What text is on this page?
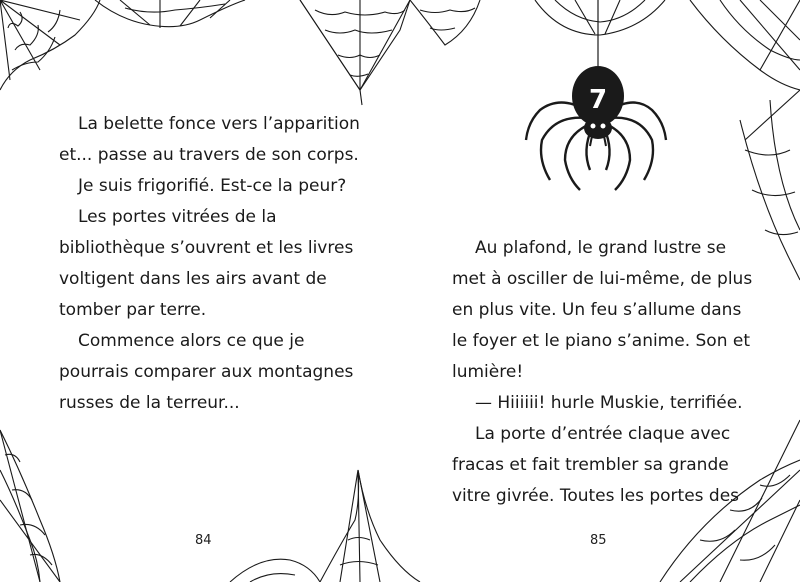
7

La belette fonce vers l’apparition

et... passe au travers de son corps.

Je suis frigorifié. Est-ce la peur?

Les portes vitrées de la

bibliothèque s’ouvrent et les livres

voltigent dans les airs avant de

tomber par terre.

Commence alors ce que je

pourrais comparer aux montagnes

russes de la terreur...

84

Au plafond, le grand lustre se

met à osciller de lui-même, de plus

en plus vite. Un feu s’allume dans

le foyer et le piano s’anime. Son et

lumière!

— Hiiiiii! hurle Muskie, terrifiée.

La porte d’entrée claque avec

fracas et fait trembler sa grande

vitre givrée. Toutes les portes des

85
